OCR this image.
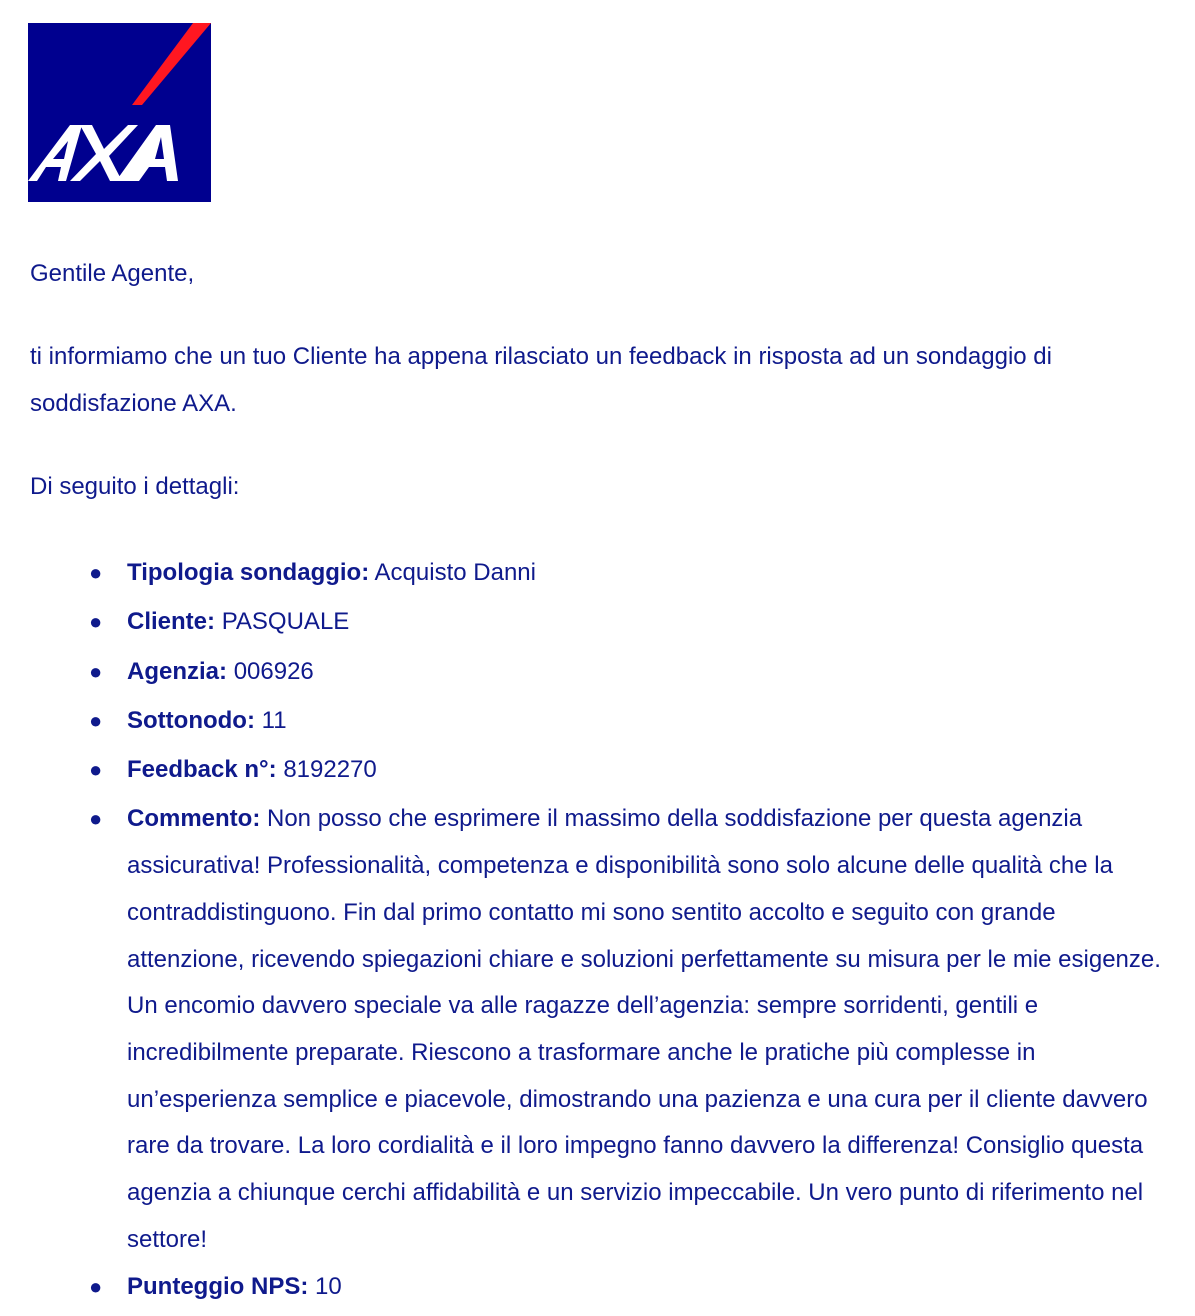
Gentile Agente,

ti informiamo che un tuo Cliente ha appena rilasciato un feedback in risposta ad un sondaggio di soddisfazione AXA.

Di seguito i dettagli:

● Tipologia sondaggio: Acquisto Danni
● Cliente: PASQUALE
● Agenzia: 006926
● Sottonodo: 11
● Feedback n°: 8192270
● Commento: Non posso che esprimere il massimo della soddisfazione per questa agenzia assicurativa! Professionalità, competenza e disponibilità sono solo alcune delle qualità che la contraddistinguono. Fin dal primo contatto mi sono sentito accolto e seguito con grande attenzione, ricevendo spiegazioni chiare e soluzioni perfettamente su misura per le mie esigenze. Un encomio davvero speciale va alle ragazze dell’agenzia: sempre sorridenti, gentili e incredibilmente preparate. Riescono a trasformare anche le pratiche più complesse in un’esperienza semplice e piacevole, dimostrando una pazienza e una cura per il cliente davvero rare da trovare. La loro cordialità e il loro impegno fanno davvero la differenza! Consiglio questa agenzia a chiunque cerchi affidabilità e un servizio impeccabile. Un vero punto di riferimento nel settore!
● Punteggio NPS: 10
